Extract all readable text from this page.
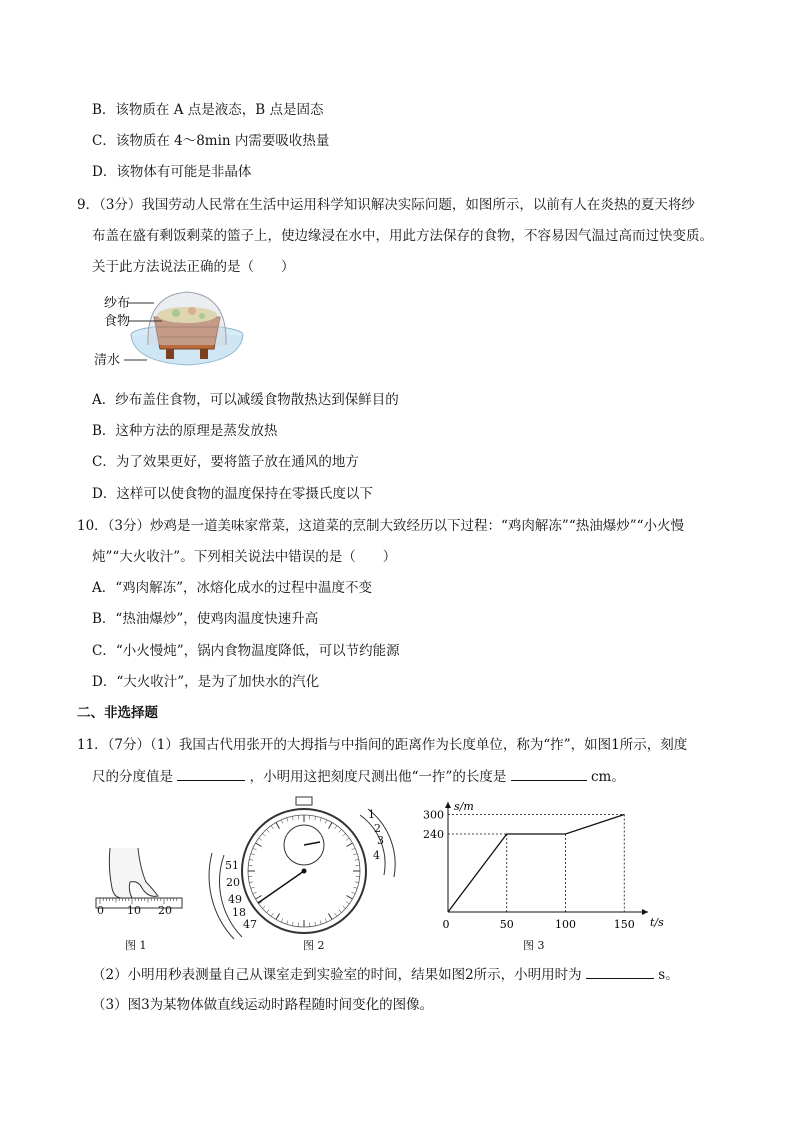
B．该物质在 A 点是液态，B 点是固态
C．该物质在 4～8min 内需要吸收热量
D．该物体有可能是非晶体
9．（3分）我国劳动人民常在生活中运用科学知识解决实际问题，如图所示，以前有人在炎热的夏天将纱
布盖在盛有剩饭剩菜的篮子上，使边缘浸在水中，用此方法保存的食物，不容易因气温过高而过快变质。
关于此方法说法正确的是（　　）
纱布
食物
清水
A．纱布盖住食物，可以减缓食物散热达到保鲜目的
B．这种方法的原理是蒸发放热
C．为了效果更好，要将篮子放在通风的地方
D．这样可以使食物的温度保持在零摄氏度以下
10．（3分）炒鸡是一道美味家常菜，这道菜的烹制大致经历以下过程：“鸡肉解冻”“热油爆炒”“小火慢
炖”“大火收汁”。下列相关说法中错误的是（　　）
A．“鸡肉解冻”，冰熔化成水的过程中温度不变
B．“热油爆炒”，使鸡肉温度快速升高
C．“小火慢炖”，锅内食物温度降低，可以节约能源
D．“大火收汁”，是为了加快水的汽化
二、非选择题
11．（7分）（1）我国古代用张开的大拇指与中指间的距离作为长度单位，称为“拃”，如图1所示，刻度
尺的分度值是	，小明用这把刻度尺测出他“一拃”的长度是	cm。
0 10 20
图 1
51
20
49
18
47
1
2
3
4
图 2
240
300
50	100	150
0
s/m
t/s
图 3
（2）小明用秒表测量自己从课室走到实验室的时间，结果如图2所示，小明用时为	s。
（3）图3为某物体做直线运动时路程随时间变化的图像。
